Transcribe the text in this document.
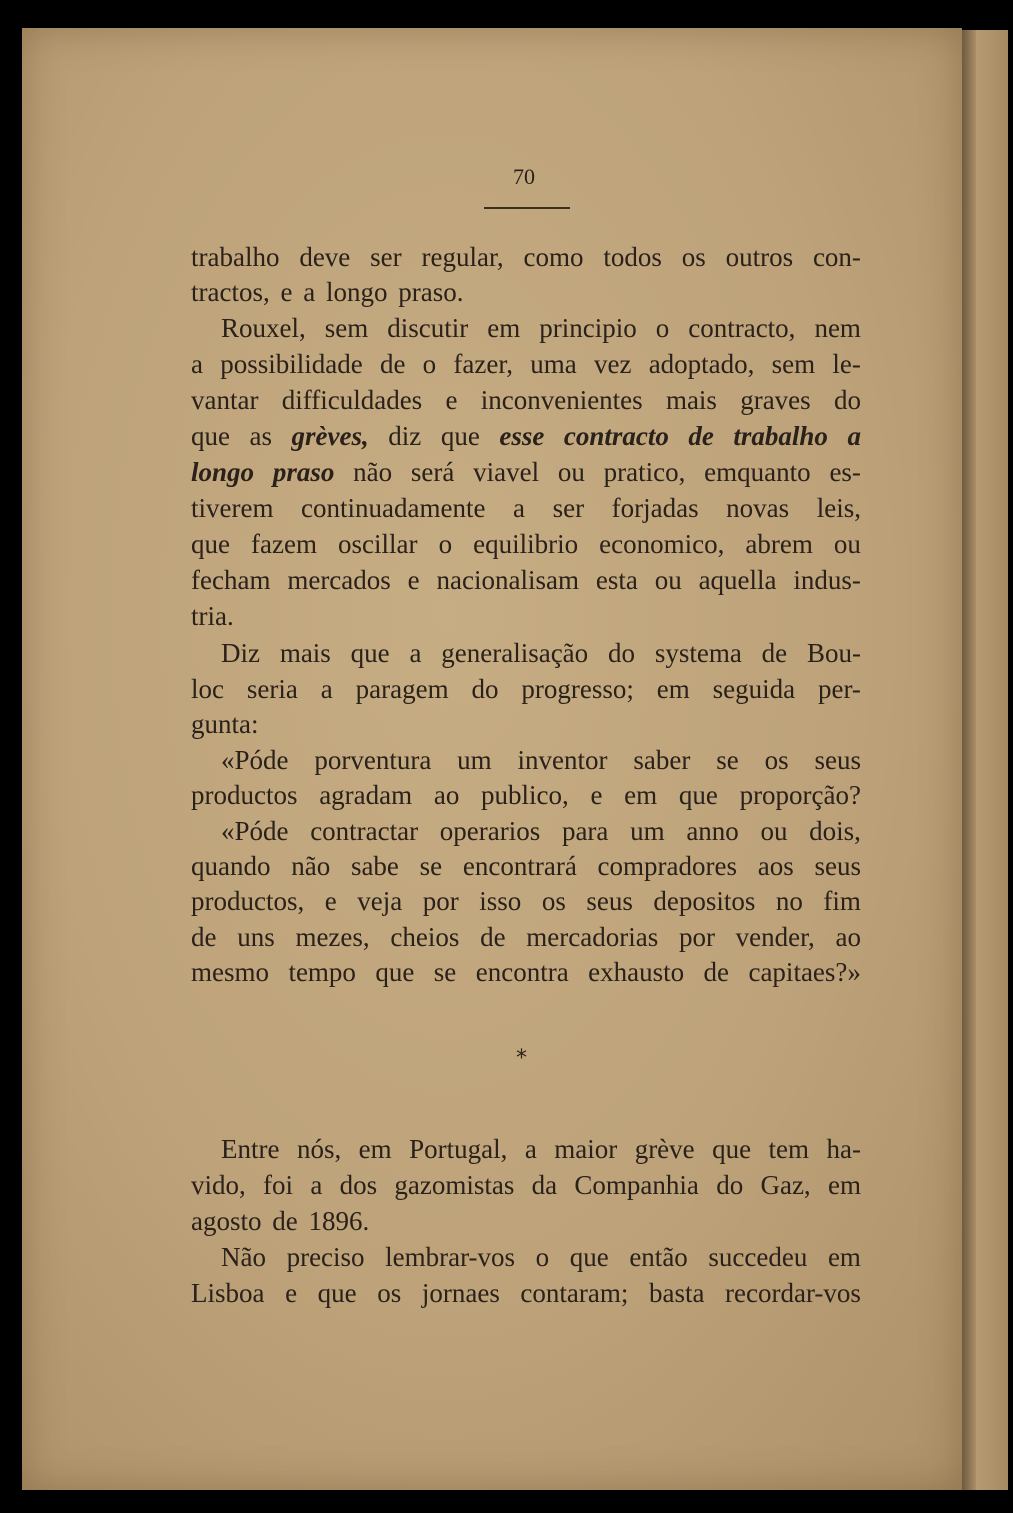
70
trabalho deve ser regular, como todos os outros con-
tractos, e a longo praso.
Rouxel, sem discutir em principio o contracto, nem
a possibilidade de o fazer, uma vez adoptado, sem le-
vantar difficuldades e inconvenientes mais graves do
que as grèves, diz que esse contracto de trabalho a
longo praso não será viavel ou pratico, emquanto es-
tiverem continuadamente a ser forjadas novas leis,
que fazem oscillar o equilibrio economico, abrem ou
fecham mercados e nacionalisam esta ou aquella indus-
tria.
Diz mais que a generalisação do systema de Bou-
loc seria a paragem do progresso; em seguida per-
gunta:
«Póde porventura um inventor saber se os seus
productos agradam ao publico, e em que proporção?
«Póde contractar operarios para um anno ou dois,
quando não sabe se encontrará compradores aos seus
productos, e veja por isso os seus depositos no fim
de uns mezes, cheios de mercadorias por vender, ao
mesmo tempo que se encontra exhausto de capitaes?»
Entre nós, em Portugal, a maior grève que tem ha-
vido, foi a dos gazomistas da Companhia do Gaz, em
agosto de 1896.
Não preciso lembrar-vos o que então succedeu em
Lisboa e que os jornaes contaram; basta recordar-vos
*
